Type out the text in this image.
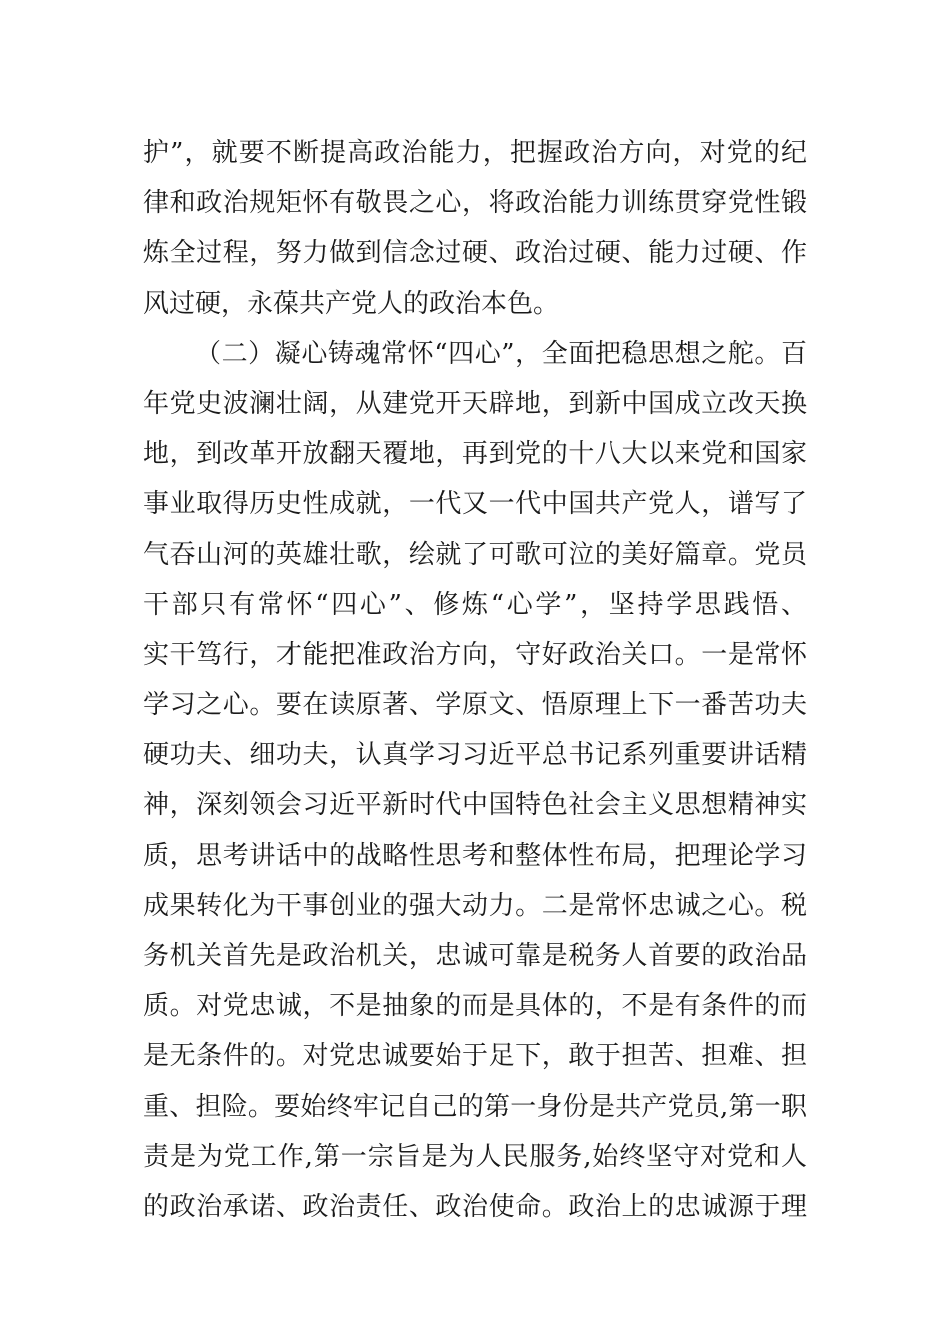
护”，就要不断提高政治能力，把握政治方向，对党的纪
律和政治规矩怀有敬畏之心，将政治能力训练贯穿党性锻
炼全过程，努力做到信念过硬、政治过硬、能力过硬、作
风过硬，永葆共产党人的政治本色。
（二）凝心铸魂常怀“四心”，全面把稳思想之舵。百
年党史波澜壮阔，从建党开天辟地，到新中国成立改天换
地，到改革开放翻天覆地，再到党的十八大以来党和国家
事业取得历史性成就，一代又一代中国共产党人，谱写了
气吞山河的英雄壮歌，绘就了可歌可泣的美好篇章。党员
干部只有常怀“四心”、修炼“心学”，坚持学思践悟、
实干笃行，才能把准政治方向，守好政治关口。一是常怀
学习之心。要在读原著、学原文、悟原理上下一番苦功夫
硬功夫、细功夫，认真学习习近平总书记系列重要讲话精
神，深刻领会习近平新时代中国特色社会主义思想精神实
质，思考讲话中的战略性思考和整体性布局，把理论学习
成果转化为干事创业的强大动力。二是常怀忠诚之心。税
务机关首先是政治机关，忠诚可靠是税务人首要的政治品
质。对党忠诚，不是抽象的而是具体的，不是有条件的而
是无条件的。对党忠诚要始于足下，敢于担苦、担难、担
重、担险。要始终牢记自己的第一身份是共产党员,第一职
责是为党工作,第一宗旨是为人民服务,始终坚守对党和人
的政治承诺、政治责任、政治使命。政治上的忠诚源于理
